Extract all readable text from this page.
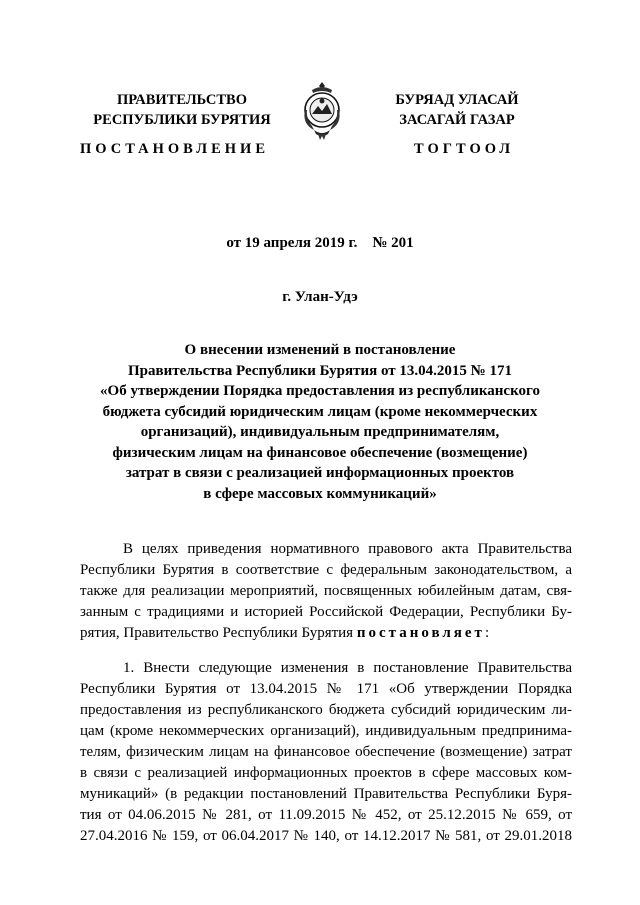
ПРАВИТЕЛЬСТВО
РЕСПУБЛИКИ БУРЯТИЯ
БУРЯАД УЛАСАЙ
ЗАСАГАЙ ГАЗАР
ПОСТАНОВЛЕНИЕ	ТОГТООЛ
от 19 апреля 2019 г. № 201
г. Улан-Удэ
О внесении изменений в постановление
Правительства Республики Бурятия от 13.04.2015 № 171
«Об утверждении Порядка предоставления из республиканского
бюджета субсидий юридическим лицам (кроме некоммерческих
организаций), индивидуальным предпринимателям,
физическим лицам на финансовое обеспечение (возмещение)
затрат в связи с реализацией информационных проектов
в сфере массовых коммуникаций»
В целях приведения нормативного правового акта Правительства
Республики Бурятия в соответствие с федеральным законодательством, а
также для реализации мероприятий, посвященных юбилейным датам, свя-
занным с традициями и историей Российской Федерации, Республики Бу-
рятия, Правительство Республики Бурятия постановляет:
1. Внести следующие изменения в постановление Правительства
Республики Бурятия от 13.04.2015 № 171 «Об утверждении Порядка
предоставления из республиканского бюджета субсидий юридическим ли-
цам (кроме некоммерческих организаций), индивидуальным предпринима-
телям, физическим лицам на финансовое обеспечение (возмещение) затрат
в связи с реализацией информационных проектов в сфере массовых ком-
муникаций» (в редакции постановлений Правительства Республики Буря-
тия от 04.06.2015 № 281, от 11.09.2015 № 452, от 25.12.2015 № 659, от
27.04.2016 № 159, от 06.04.2017 № 140, от 14.12.2017 № 581, от 29.01.2018
